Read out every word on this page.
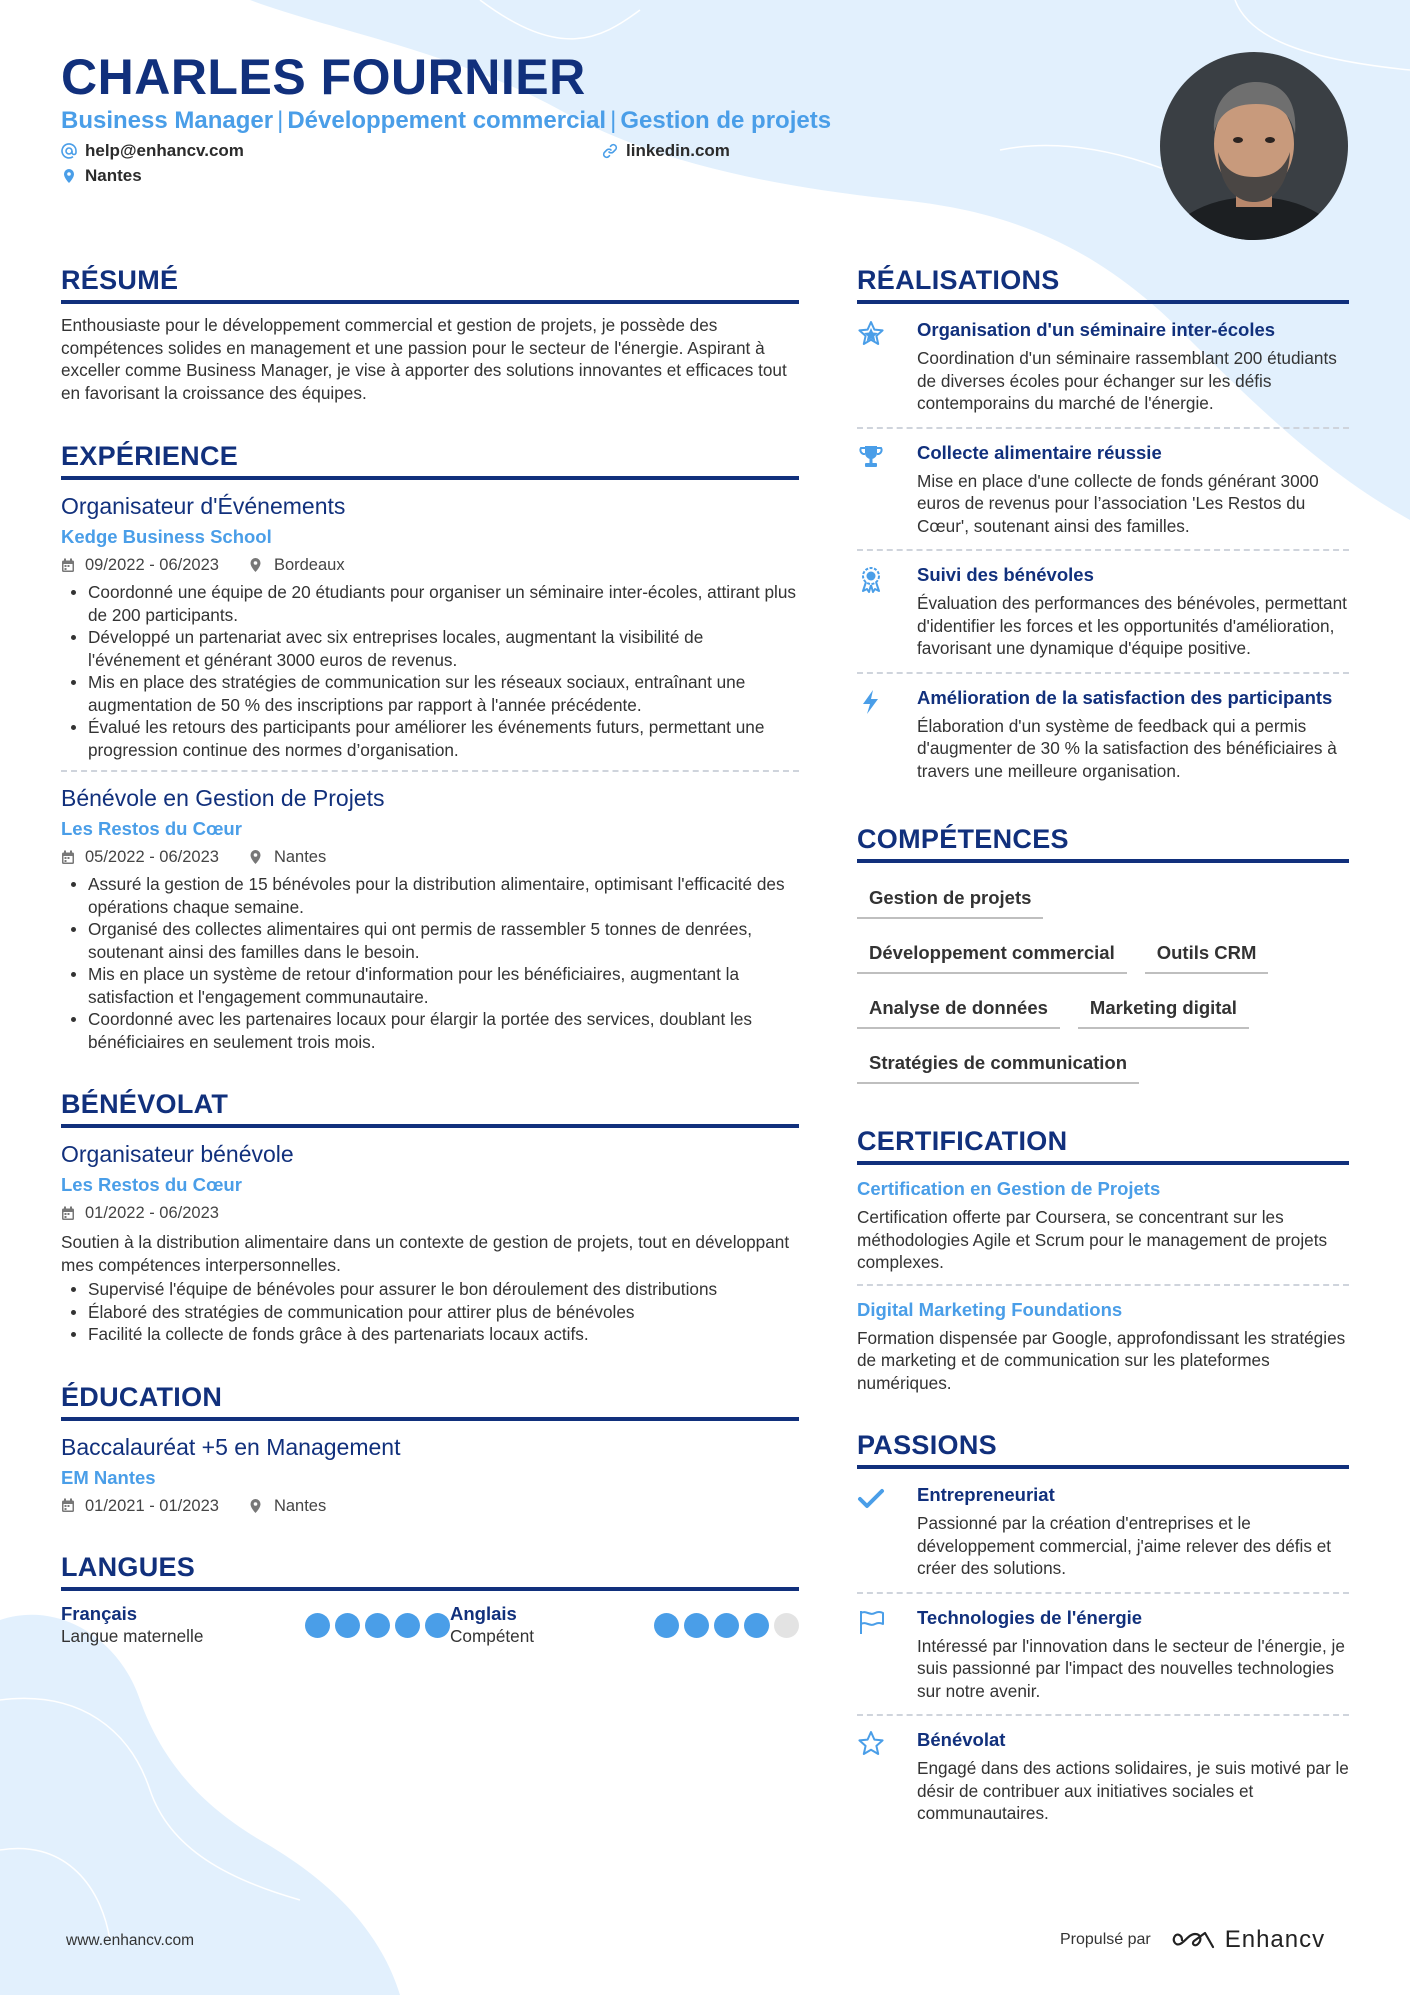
CHARLES FOURNIER
Business Manager | Développement commercial | Gestion de projets
help@enhancv.com	linkedin.com
Nantes
RÉSUMÉ
Enthousiaste pour le développement commercial et gestion de projets, je possède des compétences solides en management et une passion pour le secteur de l'énergie. Aspirant à exceller comme Business Manager, je vise à apporter des solutions innovantes et efficaces tout en favorisant la croissance des équipes.
EXPÉRIENCE
Organisateur d'Événements
Kedge Business School
09/2022 - 06/2023	Bordeaux
Coordonné une équipe de 20 étudiants pour organiser un séminaire inter-écoles, attirant plus de 200 participants.
Développé un partenariat avec six entreprises locales, augmentant la visibilité de l'événement et générant 3000 euros de revenus.
Mis en place des stratégies de communication sur les réseaux sociaux, entraînant une augmentation de 50 % des inscriptions par rapport à l'année précédente.
Évalué les retours des participants pour améliorer les événements futurs, permettant une progression continue des normes d’organisation.
Bénévole en Gestion de Projets
Les Restos du Cœur
05/2022 - 06/2023	Nantes
Assuré la gestion de 15 bénévoles pour la distribution alimentaire, optimisant l'efficacité des opérations chaque semaine.
Organisé des collectes alimentaires qui ont permis de rassembler 5 tonnes de denrées, soutenant ainsi des familles dans le besoin.
Mis en place un système de retour d'information pour les bénéficiaires, augmentant la satisfaction et l'engagement communautaire.
Coordonné avec les partenaires locaux pour élargir la portée des services, doublant les bénéficiaires en seulement trois mois.
BÉNÉVOLAT
Organisateur bénévole
Les Restos du Cœur
01/2022 - 06/2023
Soutien à la distribution alimentaire dans un contexte de gestion de projets, tout en développant mes compétences interpersonnelles.
Supervisé l'équipe de bénévoles pour assurer le bon déroulement des distributions
Élaboré des stratégies de communication pour attirer plus de bénévoles
Facilité la collecte de fonds grâce à des partenariats locaux actifs.
ÉDUCATION
Baccalauréat +5 en Management
EM Nantes
01/2021 - 01/2023	Nantes
LANGUES
Français
Langue maternelle
Anglais
Compétent
RÉALISATIONS
Organisation d'un séminaire inter-écoles
Coordination d'un séminaire rassemblant 200 étudiants de diverses écoles pour échanger sur les défis contemporains du marché de l'énergie.
Collecte alimentaire réussie
Mise en place d'une collecte de fonds générant 3000 euros de revenus pour l’association 'Les Restos du Cœur', soutenant ainsi des familles.
Suivi des bénévoles
Évaluation des performances des bénévoles, permettant d'identifier les forces et les opportunités d'amélioration, favorisant une dynamique d'équipe positive.
Amélioration de la satisfaction des participants
Élaboration d'un système de feedback qui a permis d'augmenter de 30 % la satisfaction des bénéficiaires à travers une meilleure organisation.
COMPÉTENCES
Gestion de projets
Développement commercial	Outils CRM
Analyse de données	Marketing digital
Stratégies de communication
CERTIFICATION
Certification en Gestion de Projets
Certification offerte par Coursera, se concentrant sur les méthodologies Agile et Scrum pour le management de projets complexes.
Digital Marketing Foundations
Formation dispensée par Google, approfondissant les stratégies de marketing et de communication sur les plateformes numériques.
PASSIONS
Entrepreneuriat
Passionné par la création d'entreprises et le développement commercial, j'aime relever des défis et créer des solutions.
Technologies de l'énergie
Intéressé par l'innovation dans le secteur de l'énergie, je suis passionné par l'impact des nouvelles technologies sur notre avenir.
Bénévolat
Engagé dans des actions solidaires, je suis motivé par le désir de contribuer aux initiatives sociales et communautaires.
www.enhancv.com	Propulsé par	Enhancv
